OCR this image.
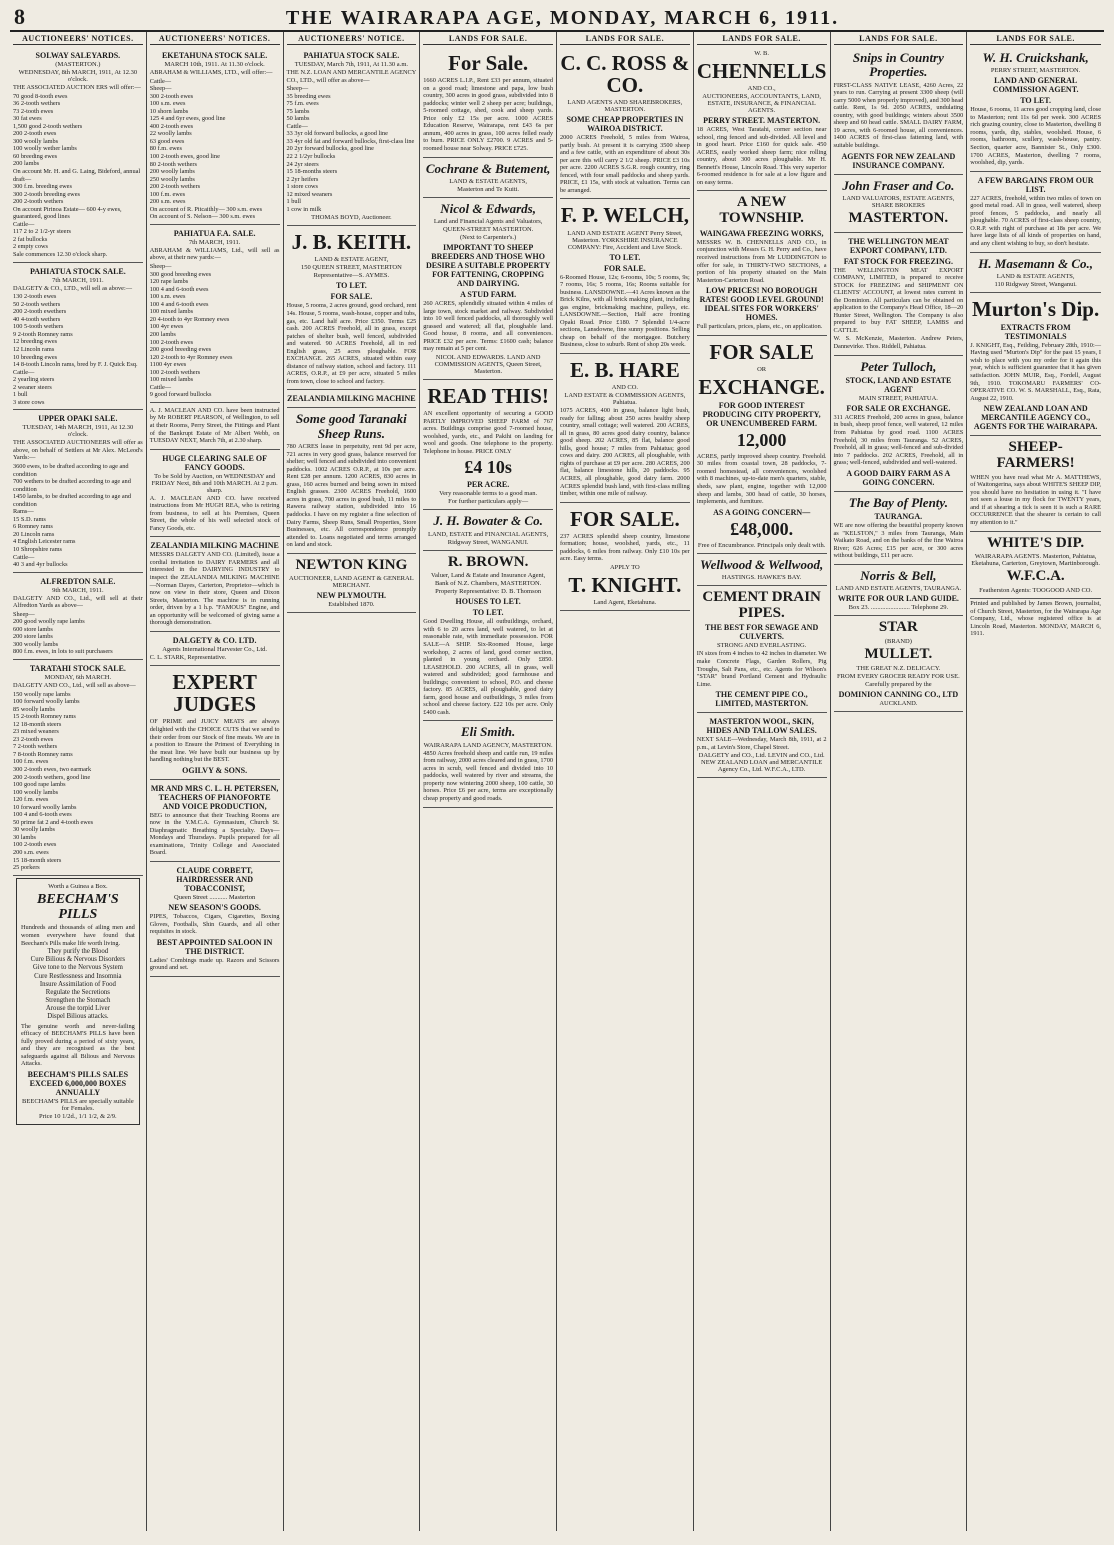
8	THE WAIRARAPA AGE, MONDAY, MARCH 6, 1911.
AUCTIONEERS' NOTICES.
SOLWAY SALEYARDS.
(MASTERTON.)
WEDNESDAY, 8th MARCH, 1911, At 12.30 o'clock.
THE ASSOCIATED AUCTION ERS will offer:—
70 good 8-tooth ewes
36 2-tooth wethers
73 2-tooth ewes
30 fat ewes
1,500 good 2-tooth wethers
200 2-tooth ewes
300 woolly lambs
100 woolly wether lambs
60 breeding ewes
200 lambs
On account Mr. H. and G. Laing, Bideford, annual draft—
300 f.m. breeding ewes
300 2-tooth breeding ewes
200 2-tooth wethers
On account Pirinoa Estate— 600 4-y ewes, guaranteed, good lines
Cattle—
117 2 to 2 1/2-yr steers
2 fat bullocks
2 empty cows
Sale commences 12.30 o'clock sharp.
PAHIATUA STOCK SALE.
7th MARCH, 1911.
DALGETY & CO., LTD., will sell as above:—
130 2-tooth ewes
50 2-tooth wethers
200 2-tooth ewethers
40 4-tooth wethers
100 5-tooth wethers
9 2-tooth Romney rams
12 breeding ewes
12 Lincoln rams
10 breeding ewes
14 8-tooth Lincoln rams, bred by F. J. Quick Esq.
Cattle—
2 yearling steers
2 weaner steers
1 bull
3 store cows
UPPER OPAKI SALE.
TUESDAY, 14th MARCH, 1911, At 12.30 o'clock.
THE ASSOCIATED AUCTIONEERS will offer as above, on behalf of Settlers at Mr Alex. McLeod's Yards:—
3600 ewes, to be drafted according to age and condition
700 wethers to be drafted according to age and condition
1450 lambs, to be drafted according to age and condition
Rams—
15 S.D. rams
6 Romney rams
20 Lincoln rams
4 English Leicester rams
10 Shropshire rams
Cattle—
40 3 and 4yr bullocks
ALFREDTON SALE.
9th MARCH, 1911.
DALGETY AND CO., Ltd., will sell at their Alfredton Yards as above—
Sheep—
200 good woolly rape lambs
600 store lambs
200 store lambs
300 woolly lambs
800 f.m. ewes, in lots to suit purchasers
TARATAHI STOCK SALE.
MONDAY, 6th MARCH.
DALGETY AND CO., Ltd., will sell as above—
150 woolly rape lambs
100 forward woolly lambs
85 woolly lambs
15 2-tooth Romney rams
12 18-month steers
23 mixed weaners
23 2-tooth ewes
7 2-tooth wethers
7 8-tooth Romney rams
100 f.m. ewes
300 2-tooth ewes, two earmark
200 2-tooth wethers, good line
100 good rape lambs
100 woolly lambs
120 f.m. ewes
10 forward woolly lambs
100 4 and 6-tooth ewes
50 prime fat 2 and 4-tooth ewes
30 woolly lambs
30 lambs
100 2-tooth ewes
200 s.m. ewes
15 18-month steers
25 porkers
Worth a Guinea a Box.
BEECHAM'S PILLS
Hundreds and thousands of ailing men and women everywhere have found that Beecham's Pills make life worth living.
They purify the Blood
Cure Bilious & Nervous Disorders
Give tone to the Nervous System
Cure Restlessness and Insomnia
Insure Assimilation of Food
Regulate the Secretions
Strengthen the Stomach
Arouse the torpid Liver
Dispel Bilious attacks.
The genuine worth and never-failing efficacy of BEECHAM'S PILLS have been fully proved during a period of sixty years, and they are recognised as the best safeguards against all Bilious and Nervous Attacks.
BEECHAM'S PILLS SALES EXCEED 6,000,000 BOXES ANNUALLY
BEECHAM'S PILLS are specially suitable for Females.
Price 10 1/2d., 1/1 1/2, & 2/9.
AUCTIONEERS' NOTICES.
EKETAHUNA STOCK SALE.
MARCH 10th, 1911. At 11.30 o'clock.
ABRAHAM & WILLIAMS, LTD., will offer:—
Cattle—
Sheep—
300 2-tooth ewes
100 s.m. ewes
10 shorn lambs
125 4 and 6yr ewes, good line
400 2-tooth ewes
22 woolly lambs
63 good ewes
80 f.m. ewes
100 2-tooth ewes, good line
80 2-tooth wethers
200 woolly lambs
250 woolly lambs
200 2-tooth wethers
100 f.m. ewes
200 s.m. ewes
On account of R. Pitcaithly— 300 s.m. ewes
On account of S. Nelson— 300 s.m. ewes
PAHIATUA F.A. SALE.
7th MARCH, 1911.
ABRAHAM & WILLIAMS, Ltd., will sell as above, at their new yards:—
Sheep—
300 good breeding ewes
120 rape lambs
100 4 and 6-tooth ewes
100 s.m. ewes
100 4 and 6-tooth ewes
100 mixed lambs
20 4-tooth to 4yr Romney ewes
100 4yr ewes
200 lambs
100 2-tooth ewes
200 good breeding ewes
120 2-tooth to 4yr Romney ewes
1100 4yr ewes
100 2-tooth wethers
100 mixed lambs
Cattle—
9 good forward bullocks
A. J. MACLEAN AND CO. have been instructed by Mr ROBERT PEARSON, of Wellington, to sell at their Rooms, Perry Street, the Fittings and Plant of the Bankrupt Estate of Mr Albert Webb, on TUESDAY NEXT, March 7th, at 2.30 sharp.
HUGE CLEARING SALE OF FANCY GOODS.
To be Sold by Auction, on WEDNESDAY and FRIDAY Next, 8th and 10th MARCH. At 2 p.m. sharp.
A. J. MACLEAN AND CO. have received instructions from Mr HUGH REA, who is retiring from business, to sell at his Premises, Queen Street, the whole of his well selected stock of Fancy Goods, etc.
ZEALANDIA MILKING MACHINE
MESSRS DALGETY AND CO. (Limited), issue a cordial invitation to DAIRY FARMERS and all interested in the DAIRYING INDUSTRY to inspect the ZEALANDIA MILKING MACHINE—Norman Dayes, Carterton, Proprietor—which is now on view in their store, Queen and Dixon Streets, Masterton. The machine is in running order, driven by a 1 h.p. "FAMOUS" Engine, and an opportunity will be welcomed of giving same a thorough demonstration.
DALGETY & CO. LTD.
Agents International Harvester Co., Ltd.
C. L. STARK, Representative.
EXPERT JUDGES
OF PRIME and JUICY MEATS are always delighted with the CHOICE CUTS that we send to their order from our Stock of fine meats. We are in a position to Ensure the Primest of Everything in the meat line. We have built our business up by handling nothing but the BEST.
OGILVY & SONS.
MR AND MRS C. L. H. PETERSEN, TEACHERS OF PIANOFORTE AND VOICE PRODUCTION,
BEG to announce that their Teaching Rooms are now in the Y.M.C.A. Gymnasium, Church St. Diaphragmatic Breathing a Specialty. Days—Mondays and Thursdays. Pupils prepared for all examinations, Trinity College and Associated Board.
CLAUDE CORBETT, HAIRDRESSER AND TOBACCONIST,
Queen Street ........... Masterton
NEW SEASON'S GOODS.
PIPES, Tobaccos, Cigars, Cigarettes, Boxing Gloves, Footballs, Shin Guards, and all other requisites in stock.
BEST APPOINTED SALOON IN THE DISTRICT.
Ladies' Combings made up. Razors and Scissors ground and set.
AUCTIONEERS' NOTICE.
PAHIATUA STOCK SALE.
TUESDAY, March 7th, 1911, At 11.30 a.m.
THE N.Z. LOAN AND MERCANTILE AGENCY CO., LTD., will offer as above—
Sheep—
35 breeding ewes
75 f.m. ewes
75 lambs
50 lambs
Cattle—
33 3yr old forward bullocks, a good line
33 4yr old fat and forward bullocks, first-class line
20 2yr forward bullocks, good line
22 2 1/2yr bullocks
24 2yr steers
15 18-months steers
2 2yr heifers
1 store cows
12 mixed weaners
1 bull
1 cow in milk
THOMAS BOYD, Auctioneer.
J. B. KEITH.
LAND & ESTATE AGENT,
150 QUEEN STREET, MASTERTON
Representative—S. AYMES.
TO LET.
FOR SALE.
House, 5 rooms, 2 acres ground, good orchard, rent 14s. House, 5 rooms, wash-house, copper and tubs, gas, etc. Land half acre. Price £350. Terms £25 cash. 200 ACRES Freehold, all in grass, except patches of shelter bush, well fenced, subdivided and watered. 90 ACRES Freehold, all in red English grass, 25 acres ploughable. FOR EXCHANGE. 265 ACRES, situated within easy distance of railway station, school and factory. 111 ACRES, O.R.P., at £9 per acre, situated 5 miles from town, close to school and factory.
ZEALANDIA MILKING MACHINE
Some good Taranaki Sheep Runs.
780 ACRES lease in perpetuity, rent 9d per acre, 721 acres in very good grass, balance reserved for shelter; well fenced and subdivided into convenient paddocks. 1002 ACRES O.R.P., at 10s per acre. Rent £28 per annum. 1200 ACRES, 830 acres in grass, 160 acres burned and being sown in mixed English grasses. 2300 ACRES Freehold, 1600 acres in grass, 700 acres in good bush, 11 miles to Rawera railway station, subdivided into 16 paddocks. I have on my register a fine selection of Dairy Farms, Sheep Runs, Small Properties, Store Businesses, etc. All correspondence promptly attended to. Loans negotiated and terms arranged on land and stock.
NEWTON KING
AUCTIONEER, LAND AGENT & GENERAL MERCHANT.
NEW PLYMOUTH.
Established 1870.
LANDS FOR SALE.
For Sale.
1660 ACRES L.I.P., Rent £33 per annum, situated on a good road; limestone and papa, low bush country, 300 acres in good grass, subdivided into 8 paddocks; winter well 2 sheep per acre; buildings, 5-roomed cottage, shed, cook and sheep yards. Price only £2 15s per acre. 1000 ACRES Education Reserve, Wairarapa, rent £43 6s per annum, 400 acres in grass, 100 acres felled ready to burn. PRICE ONLY £2700. 9 ACRES and 5-roomed house near Solway. PRICE £725.
Cochrane & Butement,
LAND & ESTATE AGENTS,
Masterton and Te Kuiti.
Nicol & Edwards,
Land and Financial Agents and Valuators,
QUEEN-STREET MASTERTON.
(Next to Carpenter's.)
IMPORTANT TO SHEEP BREEDERS AND THOSE WHO DESIRE A SUITABLE PROPERTY FOR FATTENING, CROPPING AND DAIRYING.
A STUD FARM.
260 ACRES, splendidly situated within 4 miles of large town, stock market and railway. Subdivided into 10 well fenced paddocks, all thoroughly well grassed and watered; all flat, ploughable land. Good house, 8 rooms, and all conveniences. PRICE £32 per acre. Terms: £1600 cash; balance may remain at 5 per cent.
NICOL AND EDWARDS. LAND AND COMMISSION AGENTS, Queen Street, Masterton.
READ THIS!
AN excellent opportunity of securing a GOOD PARTLY IMPROVED SHEEP FARM of 767 acres. Buildings comprise good 7-roomed house, woolshed, yards, etc., and Pakihi on landing for wool and goods. One telephone to the property. Telephone in house. PRICE ONLY
£4 10s
PER ACRE.
Very reasonable terms to a good man.
For further particulars apply—
J. H. Bowater & Co.
LAND, ESTATE and FINANCIAL AGENTS,
Ridgway Street, WANGANUI.
R. BROWN.
Valuer, Land & Estate and Insurance Agent,
Bank of N.Z. Chambers, MASTERTON.
Property Representative: D. B. Thomson
HOUSES TO LET.
TO LET.
Good Dwelling House, all outbuildings, orchard, with 6 to 20 acres land, well watered, to let at reasonable rate, with immediate possession. FOR SALE—A SHIP. Six-Roomed House, large workshop, 2 acres of land, good corner section, planted in young orchard. Only £850. LEASEHOLD. 200 ACRES, all in grass, well watered and subdivided; good farmhouse and buildings; convenient to school, P.O. and cheese factory. 85 ACRES, all ploughable, good dairy farm, good house and outbuildings, 3 miles from school and cheese factory. £22 10s per acre. Only £400 cash.
Eli Smith.
WAIRARAPA LAND AGENCY, MASTERTON.
4850 Acres freehold sheep and cattle run, 19 miles from railway, 2000 acres cleared and in grass, 1700 acres in scrub, well fenced and divided into 10 paddocks, well watered by river and streams, the property now wintering 2000 sheep, 100 cattle, 30 horses. Price £6 per acre, terms are exceptionally cheap property and good roads.
LANDS FOR SALE.
C. C. ROSS & CO.
LAND AGENTS AND SHAREBROKERS, MASTERTON.
SOME CHEAP PROPERTIES IN WAIROA DISTRICT.
2000 ACRES Freehold, 5 miles from Wairoa, partly bush. At present it is carrying 3500 sheep and a few cattle, with an expenditure of about 30s per acre this will carry 2 1/2 sheep. PRICE £3 10s per acre. 2200 ACRES S.G.R. rough country, ring fenced, with four small paddocks and sheep yards. PRICE, £1 15s, with stock at valuation. Terms can be arranged.
F. P. WELCH,
LAND AND ESTATE AGENT Perry Street, Masterton. YORKSHIRE INSURANCE COMPANY: Fire, Accident and Live Stock.
TO LET.
FOR SALE.
6-Roomed House, 12s; 6-rooms, 10s; 5 rooms, 9s; 7 rooms, 16s; 5 rooms, 16s; Rooms suitable for business. LANSDOWNE.—41 Acres known as the Brick Kilns, with all brick making plant, including gas engine, brickmaking machine, pulleys, etc. LANSDOWNE.—Section, Half acre fronting Opaki Road. Price £180. 7 Splendid 1/4-acre sections, Lansdowne, fine sunny positions. Selling cheap on behalf of the mortgagee. Butchery Business, close to suburb. Rent of shop 20s week.
E. B. HARE
AND CO.
LAND ESTATE & COMMISSION AGENTS, Pahiatua.
1075 ACRES, 400 in grass, balance light bush, ready for falling; about 250 acres healthy sheep country, small cottage; well watered. 200 ACRES, all in grass, 80 acres good dairy country, balance good sheep. 202 ACRES, 85 flat, balance good hills, good house; 7 miles from Pahiatua; good cows and dairy. 200 ACRES, all ploughable, with rights of purchase at £9 per acre. 280 ACRES, 200 flat, balance limestone hills, 20 paddocks. 95 ACRES, all ploughable, good dairy farm. 2000 ACRES splendid bush land, with first-class milling timber, within one mile of railway.
FOR SALE.
237 ACRES splendid sheep country, limestone formation; house, woolshed, yards, etc., 11 paddocks, 6 miles from railway. Only £10 10s per acre. Easy terms.
APPLY TO
T. KNIGHT.
Land Agent, Eketahuna.
LANDS FOR SALE.
W. B.
CHENNELLS
AND CO.,
AUCTIONEERS, ACCOUNTANTS, LAND, ESTATE, INSURANCE, & FINANCIAL AGENTS.
PERRY STREET. MASTERTON.
18 ACRES, West Taratahi, corner section near school, ring fenced and sub-divided. All level and in good heart. Price £160 for quick sale. 450 ACRES, easily worked sheep farm; nice rolling country, about 300 acres ploughable. Mr H. Bennett's House, Lincoln Road. This very superior 6-roomed residence is for sale at a low figure and on easy terms.
A NEW TOWNSHIP.
WAINGAWA FREEZING WORKS,
MESSRS W. B. CHENNELLS AND CO., in conjunction with Messrs G. H. Perry and Co., have received instructions from Mr LUDDINGTON to offer for sale, in THIRTY-TWO SECTIONS, a portion of his property situated on the Main Masterton-Carterton Road.
LOW PRICES! NO BOROUGH RATES! GOOD LEVEL GROUND! IDEAL SITES FOR WORKERS' HOMES.
Full particulars, prices, plans, etc., on application.
FOR SALE
OR
EXCHANGE.
FOR GOOD INTEREST PRODUCING CITY PROPERTY, OR UNENCUMBERED FARM.
12,000
ACRES, partly improved sheep country. Freehold. 30 miles from coastal town, 28 paddocks, 7-roomed homestead, all conveniences, woolshed with 8 machines, up-to-date men's quarters, stable, sheds, saw plant, engine, together with 12,000 sheep and lambs, 300 head of cattle, 30 horses, implements, and furniture.
AS A GOING CONCERN—
£48,000.
Free of Encumbrance. Principals only dealt with.
Wellwood & Wellwood,
HASTINGS. HAWKE'S BAY.
CEMENT DRAIN PIPES.
THE BEST FOR SEWAGE AND CULVERTS.
STRONG AND EVERLASTING.
IN sizes from 4 inches to 42 inches in diameter. We make Concrete Flags, Garden Rollers, Pig Troughs, Salt Pans, etc., etc. Agents for Wilson's "STAR" brand Portland Cement and Hydraulic Lime.
THE CEMENT PIPE CO., LIMITED, MASTERTON.
MASTERTON WOOL, SKIN, HIDES AND TALLOW SALES.
NEXT SALE—Wednesday, March 8th, 1911, at 2 p.m., at Levin's Store, Chapel Street.
DALGETY and CO., Ltd. LEVIN and CO., Ltd. NEW ZEALAND LOAN and MERCANTILE Agency Co., Ltd. W.F.C.A., LTD.
LANDS FOR SALE.
Snips in Country Properties.
FIRST-CLASS NATIVE LEASE, 4260 Acres, 22 years to run. Carrying at present 3300 sheep (will carry 5000 when properly improved), and 300 head cattle. Rent, 1s 9d. 2050 ACRES, undulating country, with good buildings; winters about 3500 sheep and 60 head cattle. SMALL DAIRY FARM, 19 acres, with 6-roomed house, all conveniences. 1400 ACRES of first-class fattening land, with suitable buildings.
AGENTS FOR NEW ZEALAND INSURANCE COMPANY.
John Fraser and Co.
LAND VALUATORS, ESTATE AGENTS, SHARE BROKERS
MASTERTON.
THE WELLINGTON MEAT EXPORT COMPANY, LTD.
FAT STOCK FOR FREEZING.
THE WELLINGTON MEAT EXPORT COMPANY, LIMITED, is prepared to receive STOCK for FREEZING and SHIPMENT ON CLIENTS' ACCOUNT, at lowest rates current in the Dominion. All particulars can be obtained on application to the Company's Head Office, 18—20 Hunter Street, Wellington. The Company is also prepared to buy FAT SHEEP, LAMBS and CATTLE.
W. S. McKenzie, Masterton. Andrew Peters, Dannevirke. Thos. Riddell, Pahiatua.
Peter Tulloch,
STOCK, LAND AND ESTATE AGENT
MAIN STREET, PAHIATUA.
FOR SALE OR EXCHANGE.
311 ACRES Freehold, 200 acres in grass, balance in bush, sheep proof fence, well watered, 12 miles from Pahiatua by good road. 1100 ACRES Freehold, 30 miles from Tauranga. 52 ACRES, Freehold, all in grass; well-fenced and sub-divided into 7 paddocks. 202 ACRES, Freehold, all in grass; well-fenced, subdivided and well-watered.
A GOOD DAIRY FARM AS A GOING CONCERN.
The Bay of Plenty.
TAURANGA.
WE are now offering the beautiful property known as "KELSTON," 3 miles from Tauranga, Main Waikato Road, and on the banks of the fine Wairoa River; 626 Acres; £15 per acre, or 300 acres without buildings, £11 per acre.
Norris & Bell,
LAND AND ESTATE AGENTS, TAURANGA.
WRITE FOR OUR LAND GUIDE.
Box 23. ........................ Telephone 29.
STAR
(BRAND)
MULLET.
THE GREAT N.Z. DELICACY.
FROM EVERY GROCER READY FOR USE.
Carefully prepared by the
DOMINION CANNING CO., LTD
AUCKLAND.
LANDS FOR SALE.
W. H. Cruickshank,
PERRY STREET, MASTERTON.
LAND AND GENERAL COMMISSION AGENT.
TO LET.
House, 6 rooms, 11 acres good cropping land, close to Masterton; rent 11s 6d per week. 300 ACRES rich grazing country, close to Masterton, dwelling 8 rooms, yards, dip, stables, woolshed. House, 6 rooms, bathroom, scullery, wash-house, pantry. Section, quarter acre, Bannister St., Only £300. 1700 ACRES, Masterton, dwelling 7 rooms, woolshed, dip, yards.
A FEW BARGAINS FROM OUR LIST.
227 ACRES, freehold, within two miles of town on good metal road. All in grass, well watered, sheep proof fences, 5 paddocks, and nearly all ploughable. 70 ACRES of first-class sheep country, O.R.P. with right of purchase at 18s per acre. We have large lists of all kinds of properties on hand, and any client wishing to buy, so don't hesitate.
H. Masemann & Co.,
LAND & ESTATE AGENTS,
110 Ridgway Street, Wanganui.
Murton's Dip.
EXTRACTS FROM TESTIMONIALS
J. KNIGHT, Esq., Feilding, February 28th, 1910:—Having used "Murton's Dip" for the past 15 years, I wish to place with you my order for it again this year, which is sufficient guarantee that it has given satisfaction. JOHN MUIR, Esq., Fordell, August 9th, 1910. TOKOMARU FARMERS' CO-OPERATIVE CO. W. S. MARSHALL, Esq., Rata, August 22, 1910.
NEW ZEALAND LOAN AND MERCANTILE AGENCY CO., AGENTS FOR THE WAIRARAPA.
SHEEP-FARMERS!
WHEN you have read what Mr A. MATTHEWS, of Waitongerina, says about WHITE'S SHEEP DIP, you should have no hesitation in using it. "I have not seen a louse in my flock for TWENTY years, and if at shearing a tick is seen it is such a RARE OCCURRENCE that the shearer is certain to call my attention to it."
WHITE'S DIP.
WAIRARAPA AGENTS. Masterton, Pahiatua, Eketahuna, Carterton, Greytown, Martinborough.
W.F.C.A.
Featherston Agents: TOOGOOD AND CO.
Printed and published by James Brown, journalist, of Church Street, Masterton, for the Wairarapa Age Company, Ltd., whose registered office is at Lincoln Road, Masterton. MONDAY, MARCH 6, 1911.
